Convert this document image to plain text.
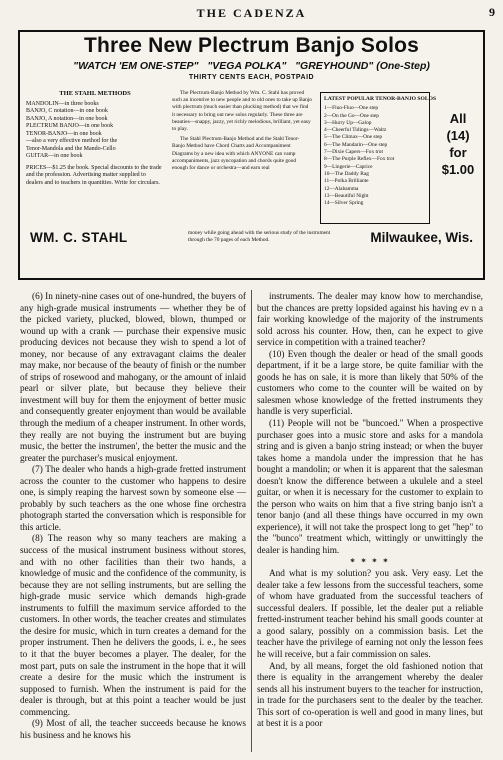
THE CADENZA	9
Three New Plectrum Banjo Solos
"WATCH 'EM ONE-STEP" "VEGA POLKA" "GREYHOUND" (One-Step)
THIRTY CENTS EACH, POSTPAID
THE STAHL METHODS
MANDOLIN—in three books
BANJO, C notation—in one book
BANJO, A notation—in one book
PLECTRUM BANJO—in one book
TENOR-BANJO—in one book
—also a very effective method for the
Tenor-Mandola and the Mando-Cello
GUITAR—in one book
PRICES—$1.25 the book. Special discounts to the trade and the profession. Advertising matter supplied to dealers and to teachers in quantities. Write for circulars.

The Plectrum-Banjo Method by Wm. C. Stahl has proved such an incentive to new people and to old ones to take up Banjo with plectrum (much easier than plucking method) that we find it necessary to bring out new solos regularly. These three are beauties—snappy, jazzy, yet richly melodious, brilliant, yet easy to play.

The Stahl Plectrum-Banjo Method and the Stahl Tenor-Banjo Method have Chord Charts and Accompaniment Diagrams by a new idea with which ANYONE can vamp accompaniments, jazz syncopation and chords quite good enough for dance or orchestra—and earn real

LATEST POPULAR TENOR-BANJO SOLOS
1—Fluo-Fluo—One step
2—On the Go—One step
3—Hurry Up—Galop
4—Cheerful Tidings—Waltz
5—The Climax—One step
6—The Mandarin—One step
7—Dixie Capers—Fox trot
8—The Purple Reflex—Fox trot
9—Lingerie—Caprice
10—The Daddy Rag
11—Polka Brilliante
12—Alabamma
13—Beautiful Night
14—Silver Spring
All
(14)
for
$1.00
WM. C. STAHL	money while going ahead with the serious study of the instrument through the 70 pages of each Method.	Milwaukee, Wis.

(6) In ninety-nine cases out of one-hundred, the buyers of any high-grade musical instruments — whether they be of the picked variety, plucked, blowed, blown, thumped or wound up with a crank — purchase their expensive music producing devices not because they wish to spend a lot of money, nor because of any extravagant claims the dealer may make, nor because of the beauty of finish or the number of strips of rosewood and mahogany, or the amount of inlaid pearl or silver plate, but because they believe their investment will buy for them the enjoyment of better music and consequently greater enjoyment than would be available through the medium of a cheaper instrument. In other words, they really are not buying the instrument but are buying music, the better the instrumen', the better the music and the greater the purchaser's musical enjoyment.

(7) The dealer who hands a high-grade fretted instrument across the counter to the customer who happens to desire one, is simply reaping the harvest sown by someone else — probably by such teachers as the one whose fine orchestra photograph started the conversation which is responsible for this article.

(8) The reason why so many teachers are making a success of the musical instrument business without stores, and with no other facilities than their two hands, a knowledge of music and the confidence of the community, is because they are not selling instruments, but are selling the high-grade music service which demands high-grade instruments to fulfill the maximum service afforded to the customers. In other words, the teacher creates and stimulates the desire for music, which in turn creates a demand for the proper instrument. Then he delivers the goods, i. e., he sees to it that the buyer becomes a player. The dealer, for the most part, puts on sale the instrument in the hope that it will create a desire for the music which the instrument is supposed to furnish. When the instrument is paid for the dealer is through, but at this point a teacher would be just commencing.

(9) Most of all, the teacher succeeds because he knows his business and he knows his

instruments. The dealer may know how to merchandise, but the chances are pretty lopsided against his having ev n a fair working knowledge of the majority of the instruments sold across his counter. How, then, can he expect to give service in competition with a trained teacher?

(10) Even though the dealer or head of the small goods department, if it be a large store, be quite familiar with the goods he has on sale, it is more than likely that 50% of the customers who come to the counter will be waited on by salesmen whose knowledge of the fretted instruments they handle is very superficial.

(11) People will not be "buncoed." When a prospective purchaser goes into a music store and asks for a mandola string and is given a banjo string instead; or when the buyer takes home a mandola under the impression that he has bought a mandolin; or when it is apparent that the salesman doesn't know the difference between a ukulele and a steel guitar, or when it is necessary for the customer to explain to the person who waits on him that a five string banjo isn't a tenor banjo (and all these things have occurred in my own experience), it will not take the prospect long to get "hep" to the "bunco" treatment which, wittingly or unwittingly the dealer is handing him.

* * * *

And what is my solution? you ask. Very easy. Let the dealer take a few lessons from the successful teachers, some of whom have graduated from the successful teachers of successful dealers. If possible, let the dealer put a reliable fretted-instrument teacher behind his small goods counter at a good salary, possibly on a commission basis. Let the teacher have the privilege of earning not only the lesson fees he will receive, but a fair commission on sales.

And, by all means, forget the old fashioned notion that there is equality in the arrangement whereby the dealer sends all his instrument buyers to the teacher for instruction, in trade for the purchasers sent to the dealer by the teacher. This sort of co-operation is well and good in many lines, but at best it is a poor
